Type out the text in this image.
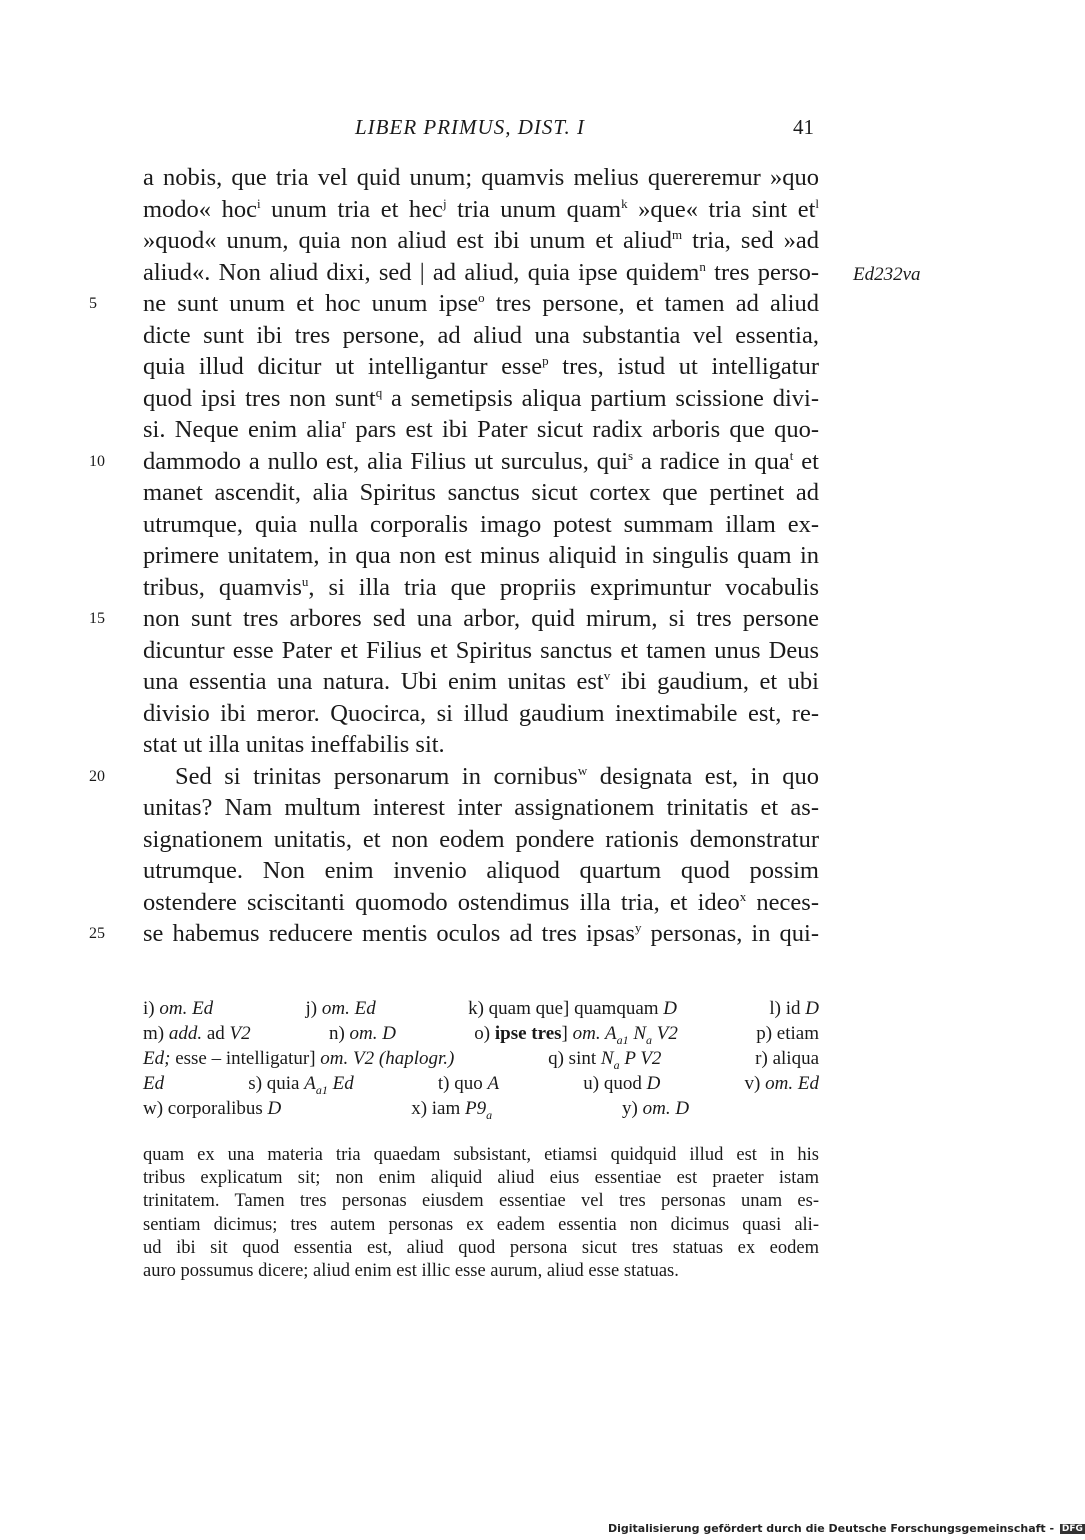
LIBER PRIMUS, DIST. I	41
a nobis, que tria vel quid unum; quamvis melius quereremur »quo
modo« hoc$^i$ unum tria et hec$^j$ tria unum quam$^k$ »que« tria sint $et^l$
»quod« unum, quia non aliud est ibi unum et aliud$^m$ tria, sed »ad
aliud«. Non aliud dixi, sed | ad aliud, quia ipse quidem$^n$ tres perso- Ed232va
ne sunt unum et hoc unum ipse$^o$ tres persone, et tamen ad aliud
5
dicte sunt ibi tres persone, ad aliud una substantia vel essentia,
quia illud dicitur ut intelligantur esse$^p$ tres, istud ut intelligatur
quod ipsi tres non sunt$^q$ a semetipsis aliqua partium scissione divi-
si. Neque enim alia$^r$ pars est ibi Pater sicut radix arboris que quo-
dammodo a nullo est, alia Filius ut surculus, qui$^s$ a radice in qua$^t$ et
10
manet ascendit, alia Spiritus sanctus sicut cortex que pertinet ad
utrumque, quia nulla corporalis imago potest summam illam ex-
primere unitatem, in qua non est minus aliquid in singulis quam in
tribus, quamvis$^u$, si illa tria que propriis exprimuntur vocabulis
non sunt tres arbores sed una arbor, quid mirum, si tres persone
15
dicuntur esse Pater et Filius et Spiritus sanctus et tamen unus Deus
una essentia una natura. Ubi enim unitas est$^v$ ibi gaudium, et ubi
divisio ibi meror. Quocirca, si illud gaudium inextimabile est, re-
stat ut illa unitas ineffabilis sit.
Sed si trinitas personarum in cornibus$^w$ designata est, in quo
20
unitas? Nam multum interest inter assignationem trinitatis et as-
signationem unitatis, et non eodem pondere rationis demonstratur
utrumque. Non enim invenio aliquod quartum quod possim
ostendere sciscitanti quomodo ostendimus illa tria, et ideo$^x$ neces-
se habemus reducere mentis oculos ad tres ipsas$^y$ personas, in qui-
25
i) om. Ed	j) om. Ed	k) quam que] quamquam D	l) id D
m) add. ad V2	n) om. D	o) ipse tres] om. $A_{a1}$ $N_a$ V2	p) etiam
Ed; esse – intelligatur] om. V2 (haplogr.)	q) sint $N_a$ P V2	r) aliqua
Ed	s) quia $A_{a1}$ Ed	t) quo A	u) quod D	v) om. Ed
w) corporalibus D	x) iam $P9_a$	y) om. D
quam ex una materia tria quaedam subsistant, etiamsi quidquid illud est in his
tribus explicatum sit; non enim aliquid aliud eius essentiae est praeter istam
trinitatem. Tamen tres personas eiusdem essentiae vel tres personas unam es-
sentiam dicimus; tres autem personas ex eadem essentia non dicimus quasi ali-
ud ibi sit quod essentia est, aliud quod persona sicut tres statuas ex eodem
auro possumus dicere; aliud enim est illic esse aurum, aliud esse statuas.
Digitalisierung gefördert durch die Deutsche Forschungsgemeinschaft - DFG
